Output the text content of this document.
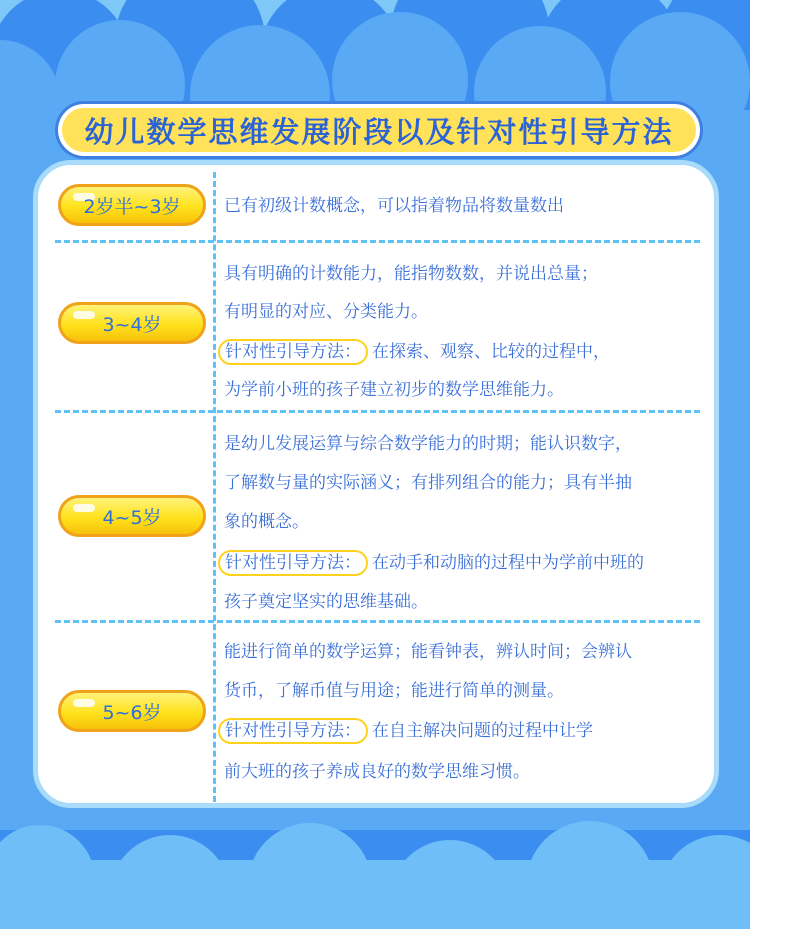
幼儿数学思维发展阶段以及针对性引导方法
2岁半~3岁	已有初级计数概念，可以指着物品将数量数出
3~4岁
具有明确的计数能力，能指物数数，并说出总量；
有明显的对应、分类能力。
针对性引导方法： 在探索、观察、比较的过程中，
为学前小班的孩子建立初步的数学思维能力。
4~5岁
是幼儿发展运算与综合数学能力的时期；能认识数字，
了解数与量的实际涵义；有排列组合的能力；具有半抽
象的概念。
针对性引导方法： 在动手和动脑的过程中为学前中班的
孩子奠定坚实的思维基础。
5~6岁
能进行简单的数学运算；能看钟表，辨认时间；会辨认
货币，了解币值与用途；能进行简单的测量。
针对性引导方法： 在自主解决问题的过程中让学
前大班的孩子养成良好的数学思维习惯。
